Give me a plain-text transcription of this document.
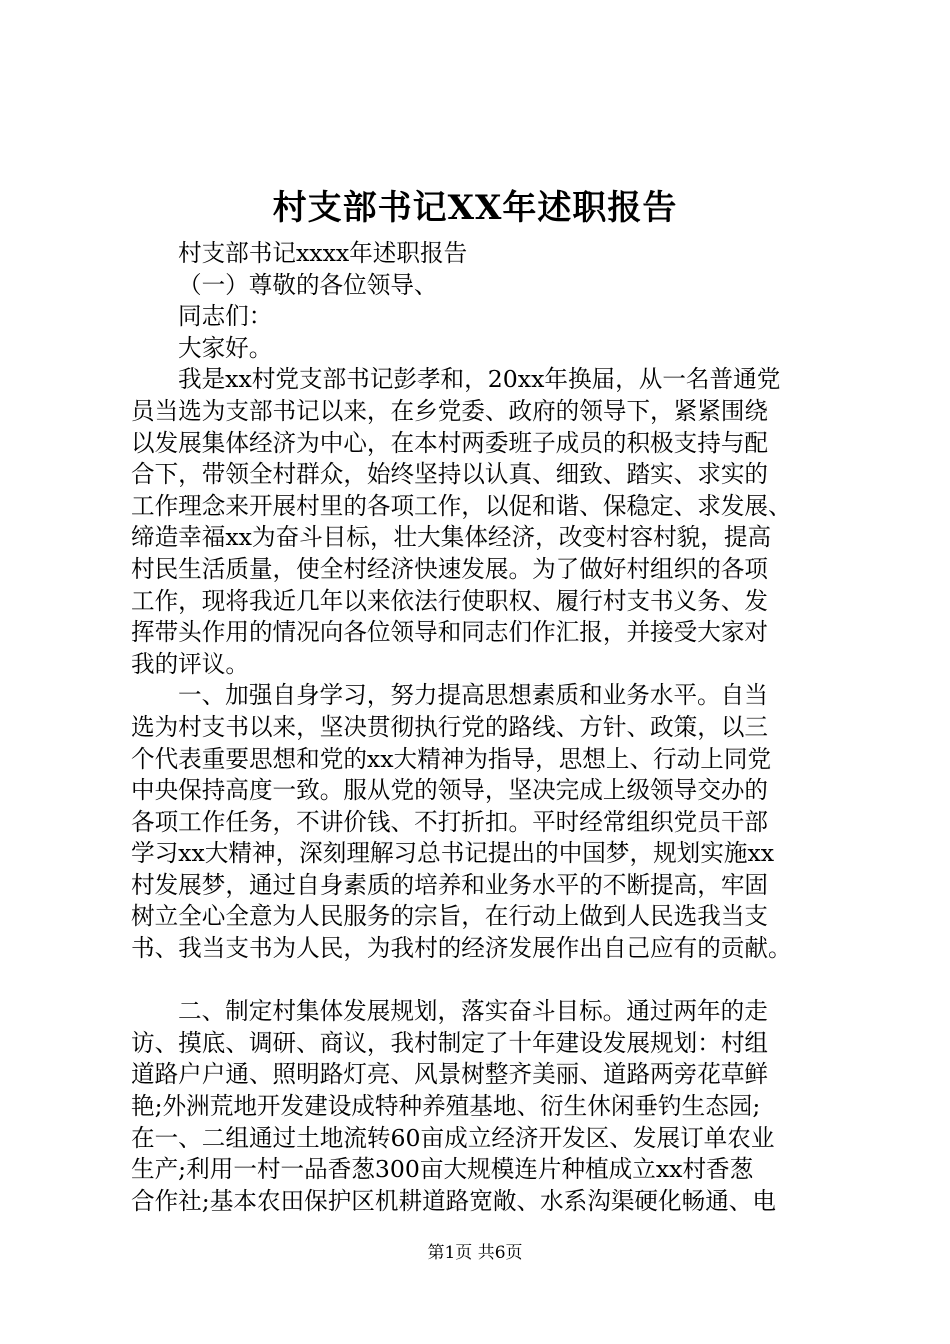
村支部书记XX年述职报告
村支部书记xxxx年述职报告
（一）尊敬的各位领导、
同志们：
大家好。
我是xx村党支部书记彭孝和，20xx年换届，从一名普通党
员当选为支部书记以来，在乡党委、政府的领导下，紧紧围绕
以发展集体经济为中心，在本村两委班子成员的积极支持与配
合下，带领全村群众，始终坚持以认真、细致、踏实、求实的
工作理念来开展村里的各项工作，以促和谐、保稳定、求发展、
缔造幸福xx为奋斗目标，壮大集体经济，改变村容村貌，提高
村民生活质量，使全村经济快速发展。为了做好村组织的各项
工作，现将我近几年以来依法行使职权、履行村支书义务、发
挥带头作用的情况向各位领导和同志们作汇报，并接受大家对
我的评议。
一、加强自身学习，努力提高思想素质和业务水平。自当
选为村支书以来，坚决贯彻执行党的路线、方针、政策，以三
个代表重要思想和党的xx大精神为指导，思想上、行动上同党
中央保持高度一致。服从党的领导，坚决完成上级领导交办的
各项工作任务，不讲价钱、不打折扣。平时经常组织党员干部
学习xx大精神，深刻理解习总书记提出的中国梦，规划实施xx
村发展梦，通过自身素质的培养和业务水平的不断提高，牢固
树立全心全意为人民服务的宗旨，在行动上做到人民选我当支
书、我当支书为人民，为我村的经济发展作出自己应有的贡献。
二、制定村集体发展规划，落实奋斗目标。通过两年的走
访、摸底、调研、商议，我村制定了十年建设发展规划：村组
道路户户通、照明路灯亮、风景树整齐美丽、道路两旁花草鲜
艳;外洲荒地开发建设成特种养殖基地、衍生休闲垂钓生态园;
在一、二组通过土地流转60亩成立经济开发区、发展订单农业
生产;利用一村一品香葱300亩大规模连片种植成立xx村香葱
合作社;基本农田保护区机耕道路宽敞、水系沟渠硬化畅通、电
第1页 共6页
